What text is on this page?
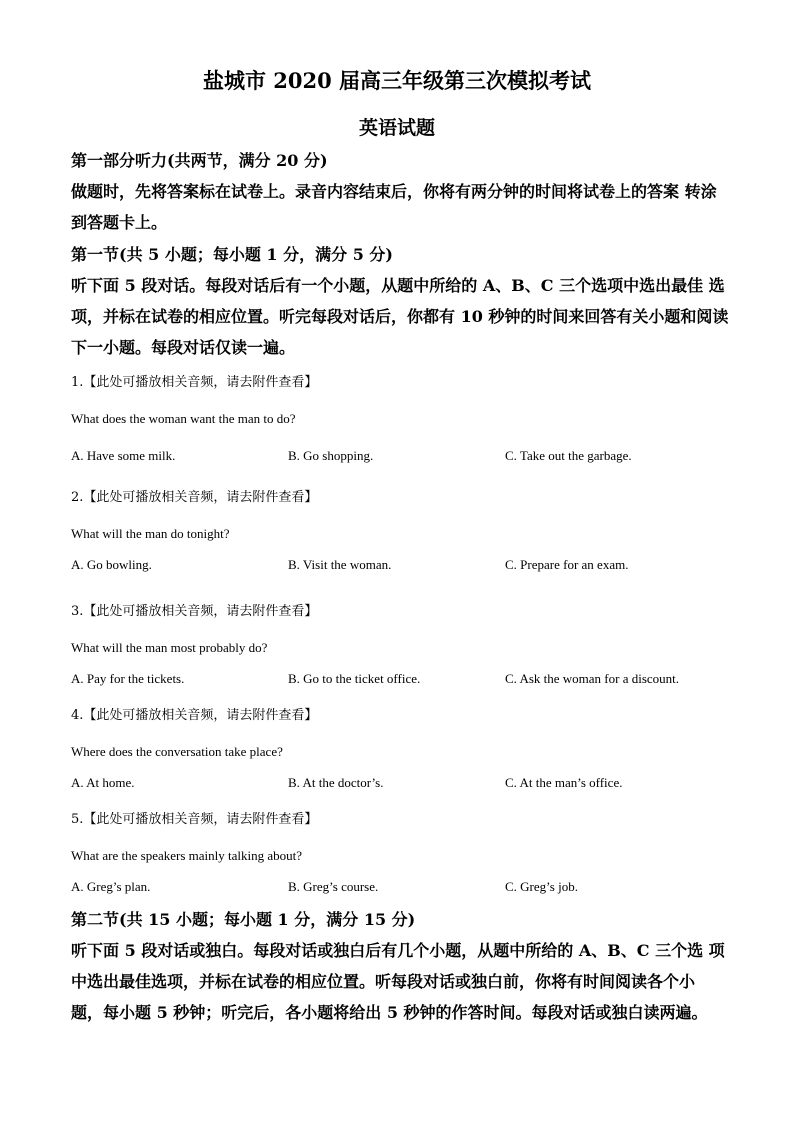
盐城市 2020 届高三年级第三次模拟考试
英语试题
第一部分听力(共两节，满分 20 分)
做题时，先将答案标在试卷上。录音内容结束后，你将有两分钟的时间将试卷上的答案 转涂到答题卡上。
第一节(共 5 小题；每小题 1 分，满分 5 分)
听下面 5 段对话。每段对话后有一个小题，从题中所给的 A、B、C 三个选项中选出最佳 选项，并标在试卷的相应位置。听完每段对话后，你都有 10 秒钟的时间来回答有关小题和阅读下一小题。每段对话仅读一遍。
1.【此处可播放相关音频，请去附件查看】
What does the woman want the man to do?
A. Have some milk.	B. Go shopping.	C. Take out the garbage.
2.【此处可播放相关音频，请去附件查看】
What will the man do tonight?
A. Go bowling.	B. Visit the woman.	C. Prepare for an exam.
3.【此处可播放相关音频，请去附件查看】
What will the man most probably do?
A. Pay for the tickets.	B. Go to the ticket office.	C. Ask the woman for a discount.
4.【此处可播放相关音频，请去附件查看】
Where does the conversation take place?
A. At home.	B. At the doctor’s.	C. At the man’s office.
5.【此处可播放相关音频，请去附件查看】
What are the speakers mainly talking about?
A. Greg’s plan.	B. Greg’s course.	C. Greg’s job.
第二节(共 15 小题；每小题 1 分，满分 15 分)
听下面 5 段对话或独白。每段对话或独白后有几个小题，从题中所给的 A、B、C 三个选 项中选出最佳选项，并标在试卷的相应位置。听每段对话或独白前，你将有时间阅读各个小 题，每小题 5 秒钟；听完后，各小题将给出 5 秒钟的作答时间。每段对话或独白读两遍。
